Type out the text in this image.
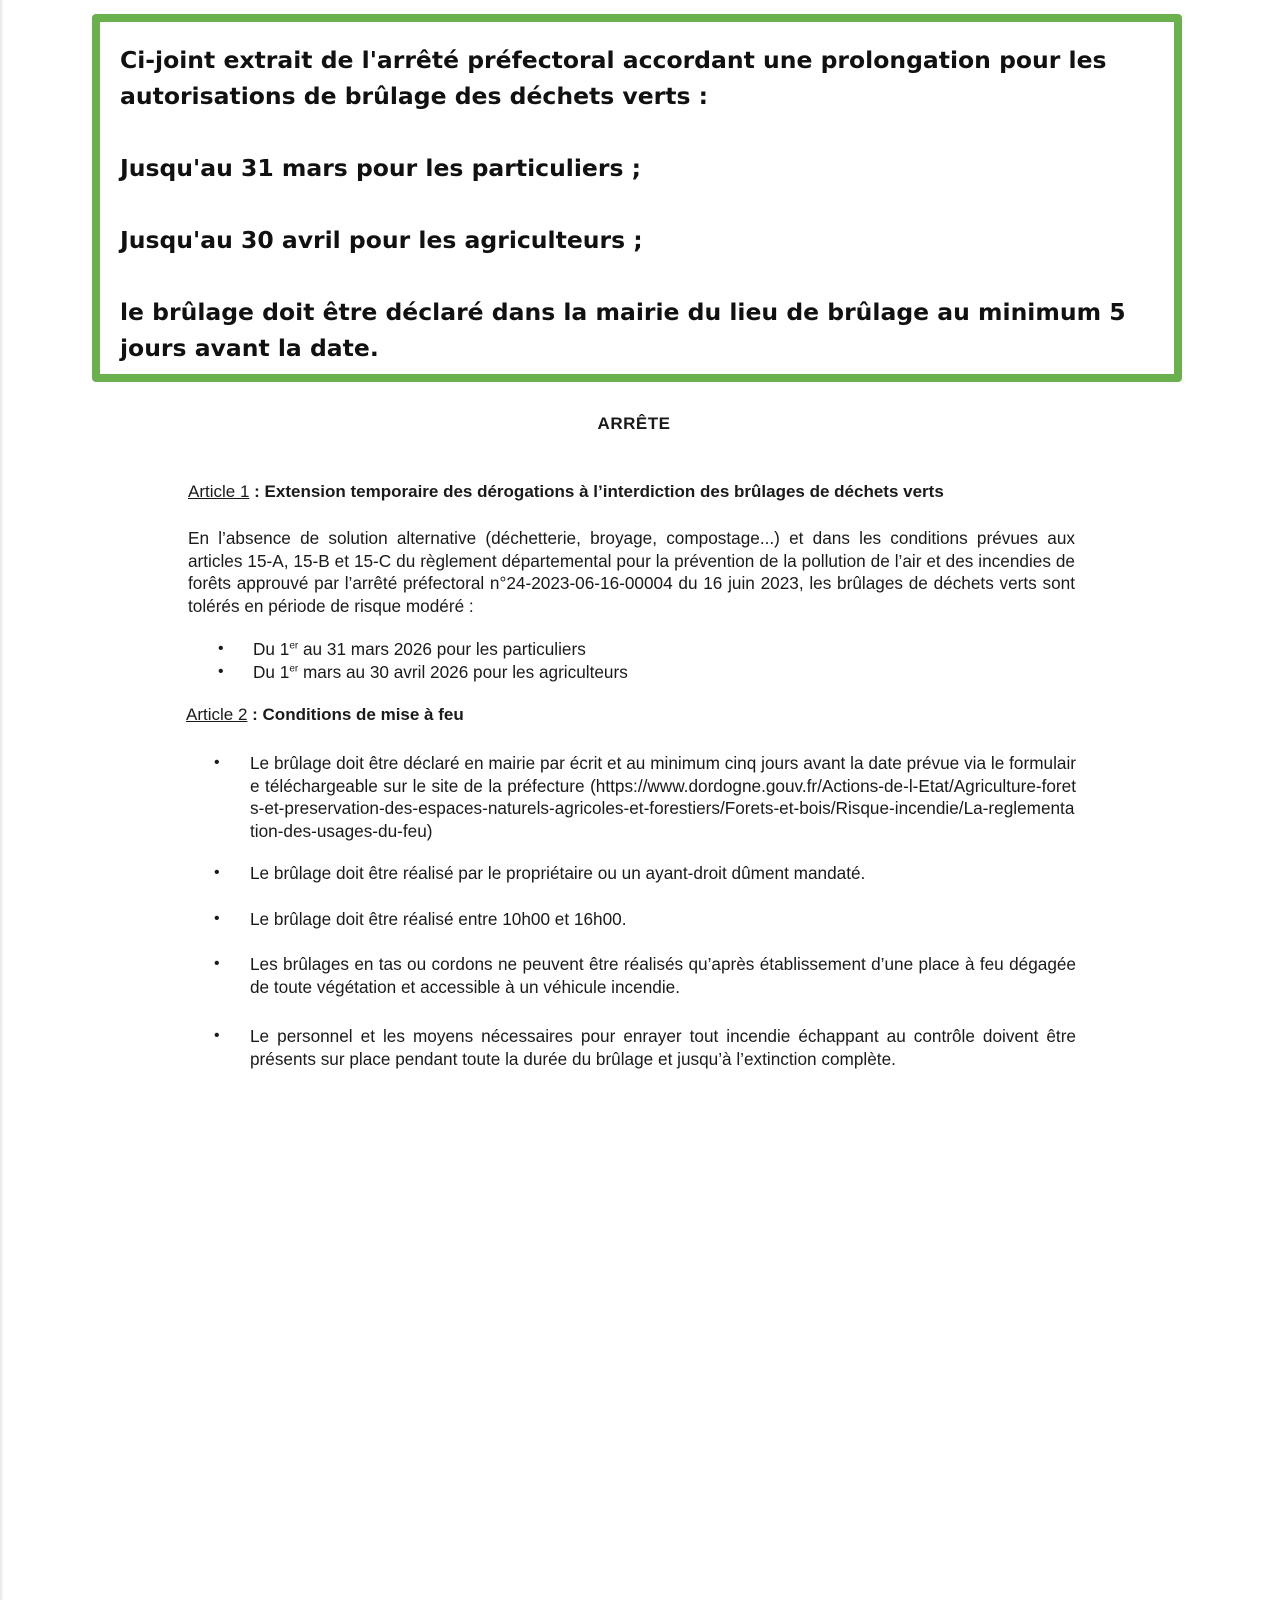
Ci-joint extrait de l'arrêté préfectoral accordant une prolongation pour les autorisations de brûlage des déchets verts :

Jusqu'au 31 mars pour les particuliers ;

Jusqu'au 30 avril pour les agriculteurs ;

le brûlage doit être déclaré dans la mairie du lieu de brûlage au minimum 5 jours avant la date.

ARRÊTE
Article 1 : Extension temporaire des dérogations à l’interdiction des brûlages de déchets verts
En l’absence de solution alternative (déchetterie, broyage, compostage...) et dans les conditions prévues aux articles 15-A, 15-B et 15-C du règlement départemental pour la prévention de la pollution de l’air et des incendies de forêts approuvé par l’arrêté préfectoral n°24-2023-06-16-00004 du 16 juin 2023, les brûlages de déchets verts sont tolérés en période de risque modéré :
• Du 1er au 31 mars 2026 pour les particuliers
• Du 1er mars au 30 avril 2026 pour les agriculteurs
Article 2 : Conditions de mise à feu
• Le brûlage doit être déclaré en mairie par écrit et au minimum cinq jours avant la date prévue via le formulaire téléchargeable sur le site de la préfecture (https://www.dordogne.gouv.fr/Actions-de-l-Etat/Agriculture-forets-et-preservation-des-espaces-naturels-agricoles-et-forestiers/Forets-et-bois/Risque-incendie/La-reglementation-des-usages-du-feu)
• Le brûlage doit être réalisé par le propriétaire ou un ayant-droit dûment mandaté.
• Le brûlage doit être réalisé entre 10h00 et 16h00.
• Les brûlages en tas ou cordons ne peuvent être réalisés qu’après établissement d’une place à feu dégagée de toute végétation et accessible à un véhicule incendie.
• Le personnel et les moyens nécessaires pour enrayer tout incendie échappant au contrôle doivent être présents sur place pendant toute la durée du brûlage et jusqu’à l’extinction complète.
